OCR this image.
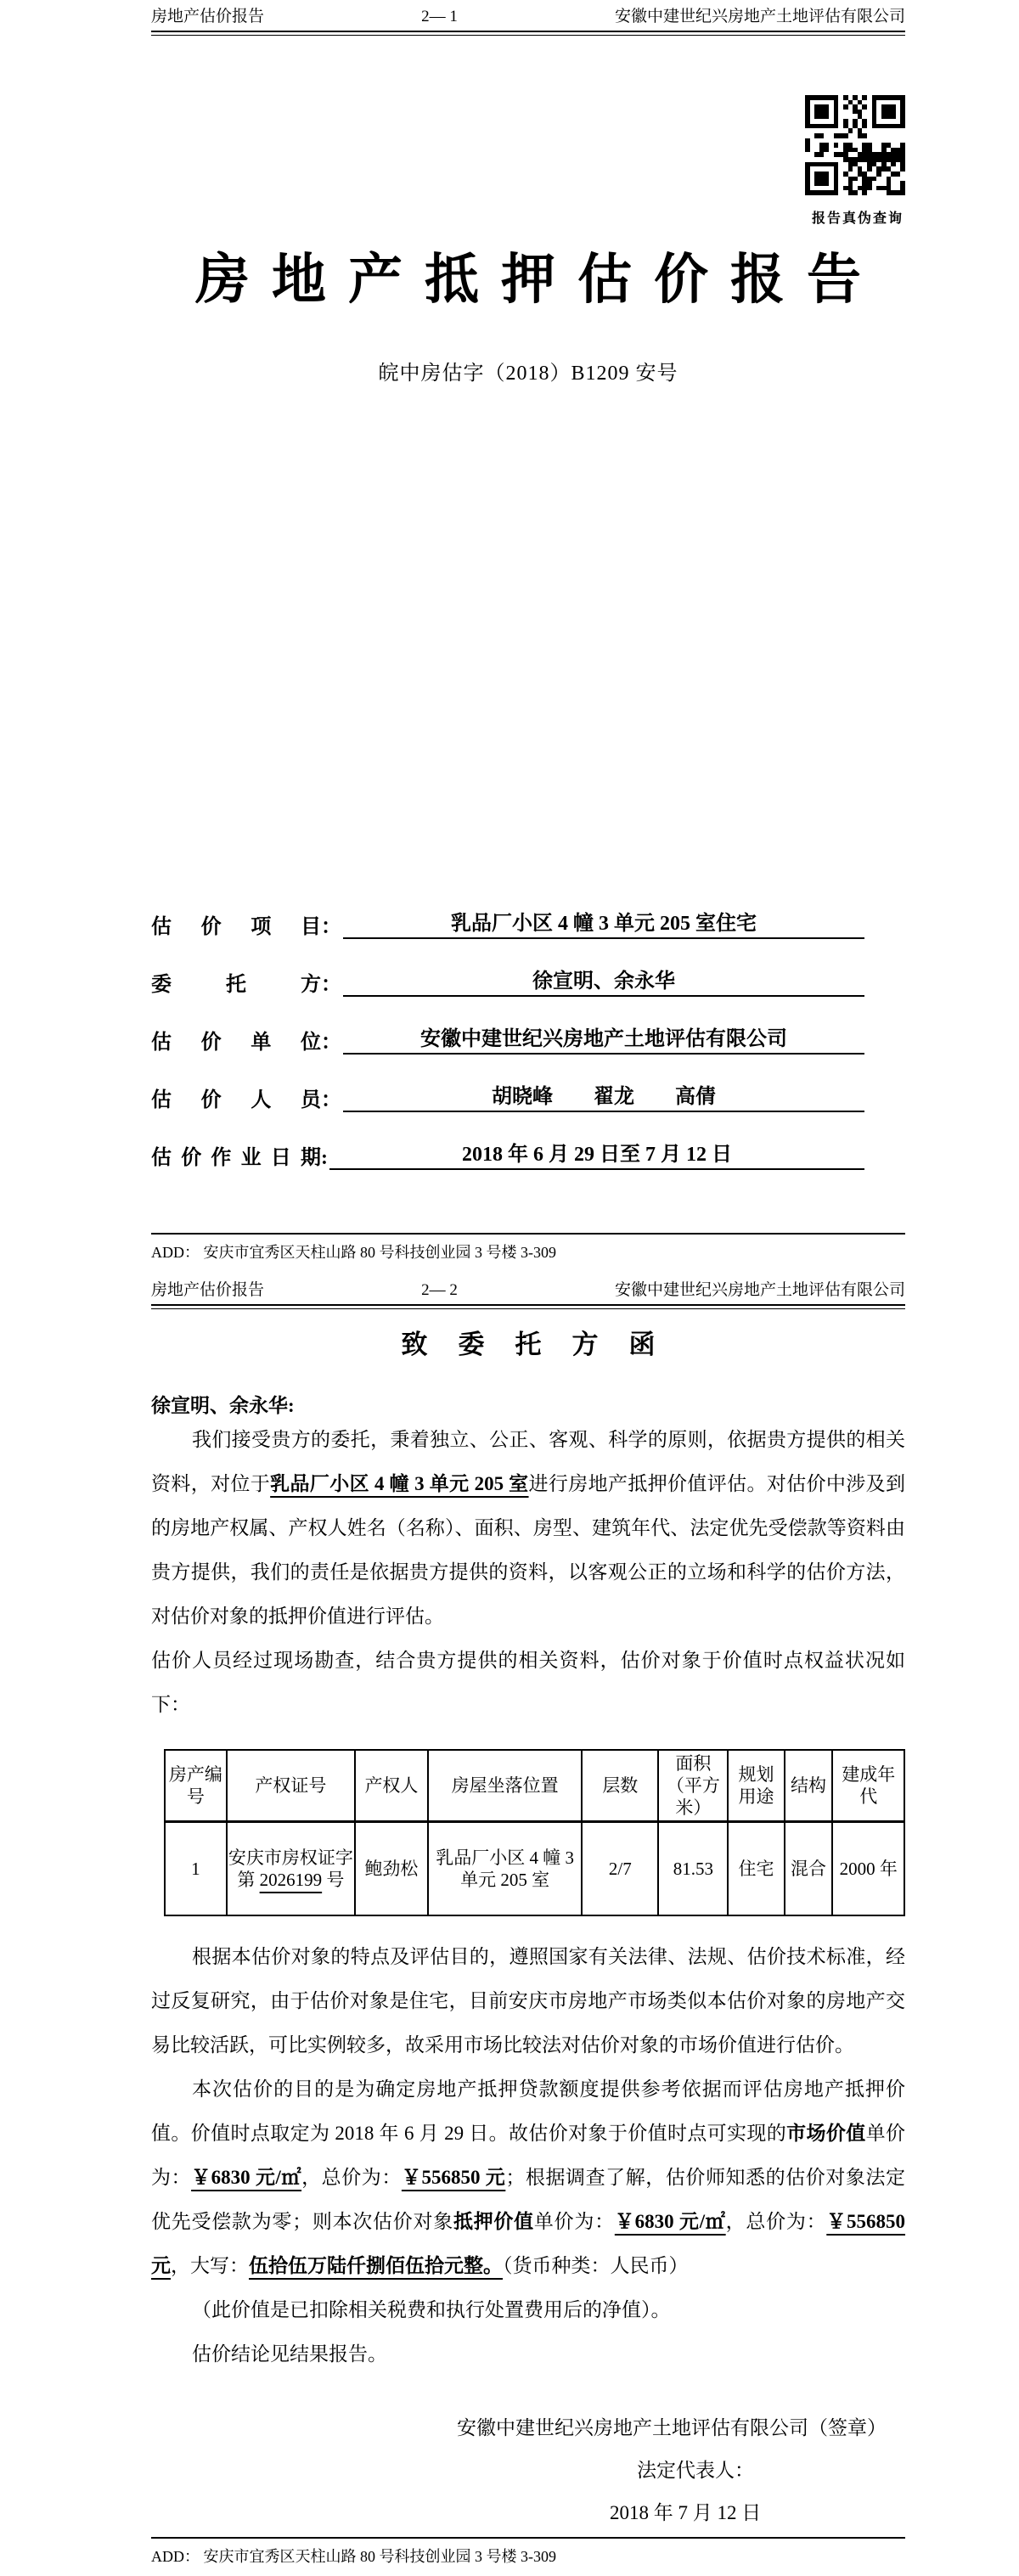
房地产估价报告	2— 1	安徽中建世纪兴房地产土地评估有限公司
报告真伪查询
房地产抵押估价报告
皖中房估字（2018）B1209 安号
估 价 项 目 ：	乳品厂小区 4 幢 3 单元 205 室住宅
委	托	方 ：	徐宣明、余永华
估 价 单 位 ：	安徽中建世纪兴房地产土地评估有限公司
估 价 人 员 ：	胡晓峰　　翟龙　　高倩
估 价 作 业 日 期 :	2018 年 6 月 29 日至 7 月 12 日
ADD： 安庆市宜秀区天柱山路 80 号科技创业园 3 号楼 3-309
房地产估价报告	2— 2	安徽中建世纪兴房地产土地评估有限公司
致委托方函
徐宣明、余永华:

我们接受贵方的委托，秉着独立、公正、客观、科学的原则，依据贵方提供的相关资料，对位于乳品厂小区 4 幢 3 单元 205 室进行房地产抵押价值评估。对估价中涉及到的房地产权属、产权人姓名（名称）、面积、房型、建筑年代、法定优先受偿款等资料由贵方提供，我们的责任是依据贵方提供的资料，以客观公正的立场和科学的估价方法，对估价对象的抵押价值进行评估。

估价人员经过现场勘查，结合贵方提供的相关资料，估价对象于价值时点权益状况如下：

房产编号	产权证号	产权人	房屋坐落位置	层数	面积（平方米）	规划用途	结构	建成年代
1	安庆市房权证字第 2026199 号	鲍劲松	乳品厂小区 4 幢 3 单元 205 室	2/7	81.53	住宅	混合	2000 年

根据本估价对象的特点及评估目的，遵照国家有关法律、法规、估价技术标准，经过反复研究，由于估价对象是住宅，目前安庆市房地产市场类似本估价对象的房地产交易比较活跃，可比实例较多，故采用市场比较法对估价对象的市场价值进行估价。

本次估价的目的是为确定房地产抵押贷款额度提供参考依据而评估房地产抵押价值。价值时点取定为 2018 年 6 月 29 日。故估价对象于价值时点可实现的市场价值单价为：￥6830 元/㎡，总价为：￥556850 元；根据调查了解，估价师知悉的估价对象法定优先受偿款为零；则本次估价对象抵押价值单价为：￥6830 元/㎡，总价为：￥556850 元，大写：伍拾伍万陆仟捌佰伍拾元整。（货币种类：人民币）

（此价值是已扣除相关税费和执行处置费用后的净值）。

估价结论见结果报告。

安徽中建世纪兴房地产土地评估有限公司（签章）
法定代表人：
2018 年 7 月 12 日
ADD： 安庆市宜秀区天柱山路 80 号科技创业园 3 号楼 3-309
